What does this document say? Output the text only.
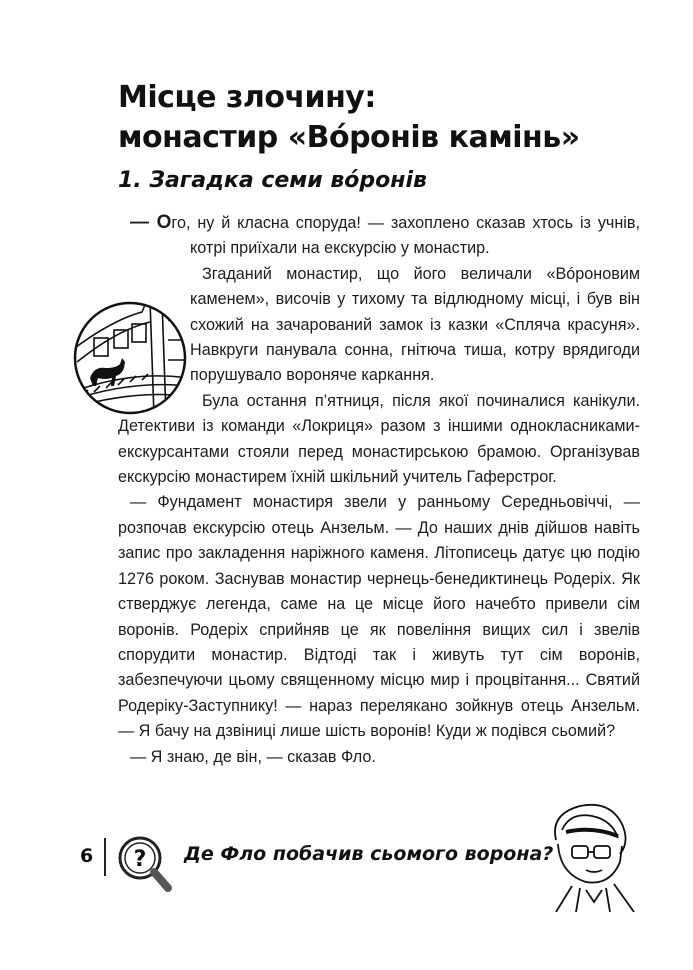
Місце злочину:
монастир «Вóронів камінь»
1. Загадка семи вóронів

— Ого, ну й класна споруда! — захоплено сказав хтось із учнів, котрі приїхали на екскурсію у монастир.

Згаданий монастир, що його величали «Вóроновим каменем», височів у тихому та відлюдному місці, і був він схожий на зачарований замок із казки «Спляча красуня». Навкруги панувала сонна, гнітюча тиша, котру врядигоди порушувало воронячe каркання.

Була остання п’ятниця, після якої починалися канікули. Детективи із команди «Локриця» разом з іншими однокласниками-екскурсантами стояли перед монастирською брамою. Організував екскурсію монастирем їхній шкільний учитель Гаферстрог.

— Фундамент монастиря звели у ранньому Середньовіччі, — розпочав екскурсію отець Анзельм. — До наших днів дійшов навіть запис про закладення наріжного каменя. Літописець датує цю подію 1276 роком. Заснував монастир чернець-бенедиктинець Родеріх. Як стверджує легенда, саме на це місце його начебто привели сім воронів. Родеріх сприйняв це як повеління вищих сил і звелів спорудити монастир. Відтоді так і живуть тут сім воронів, забезпечуючи цьому священному місцю мир і процвітання... Святий Родеріку-Заступнику! — нараз перелякано зойкнув отець Анзельм. — Я бачу на дзвіниці лише шість воронів! Куди ж подівся сьомий?

— Я знаю, де він, — сказав Фло.

6 ? Де Фло побачив сьомого ворона?
